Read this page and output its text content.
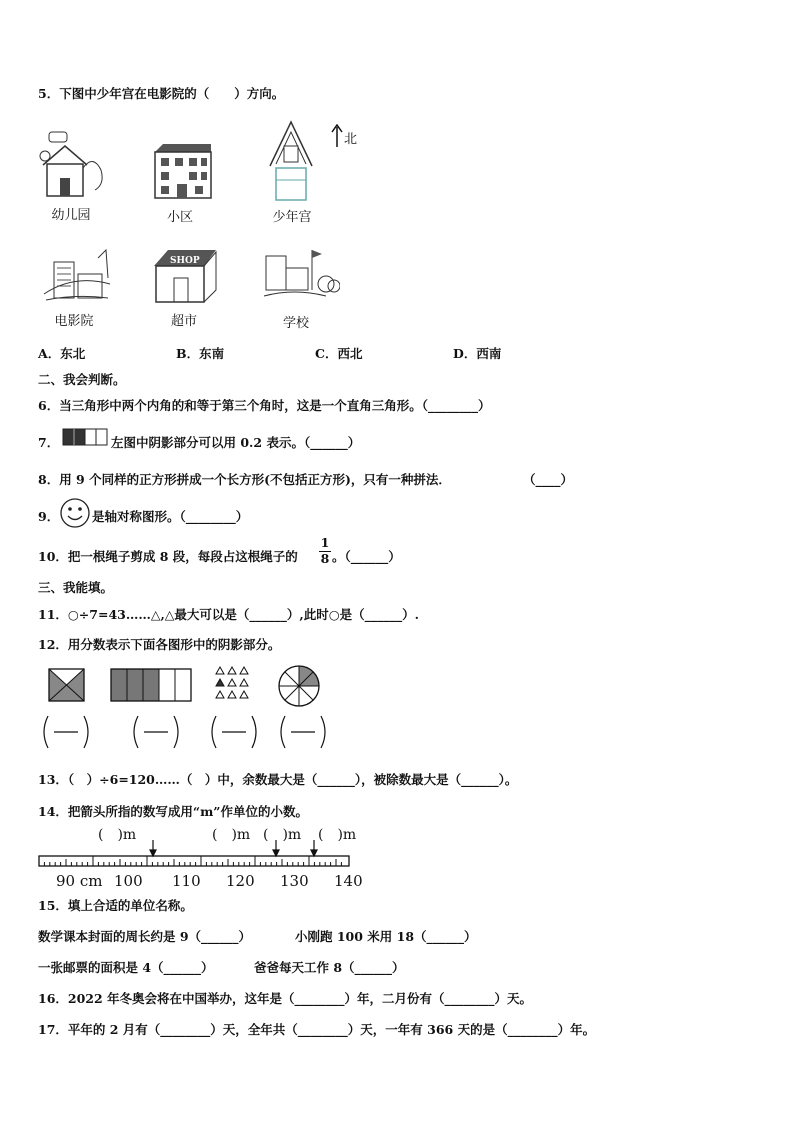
5．下图中少年宫在电影院的（　　）方向。
北
SHOP
幼儿园	小区	少年宫
电影院	超市	学校
A．东北	B．东南	C．西北	D．西南
二、我会判断。
6．当三角形中两个内角的和等于第三个角时，这是一个直角三角形。（________）
7．	左图中阴影部分可以用 0.2 表示。（______）
8．用 9 个同样的正方形拼成一个长方形(不包括正方形)，只有一种拼法．	（____）
9．	是轴对称图形。（________）
10．把一根绳子剪成 8 段，每段占这根绳子的 $\frac{1}{8}$ 。（______）
三、我能填。
11．○÷7=43……△,△最大可以是（______）,此时○是（______）.
12．用分数表示下面各图形中的阴影部分。
13．（　）÷6=120……（　）中，余数最大是（______），被除数最大是（______）。
14．把箭头所指的数写成用“m”作单位的小数。
(　)m	(　)m (　)m (　)m
90 cm 100 110 120 130 140
15．填上合适的单位名称。
数学课本封面的周长约是 9（______）	小刚跑 100 米用 18（______）
一张邮票的面积是 4（______）	爸爸每天工作 8（______）
16．2022 年冬奥会将在中国举办，这年是（________）年，二月份有（________）天。
17．平年的 2 月有（________）天，全年共（________）天，一年有 366 天的是（________）年。
